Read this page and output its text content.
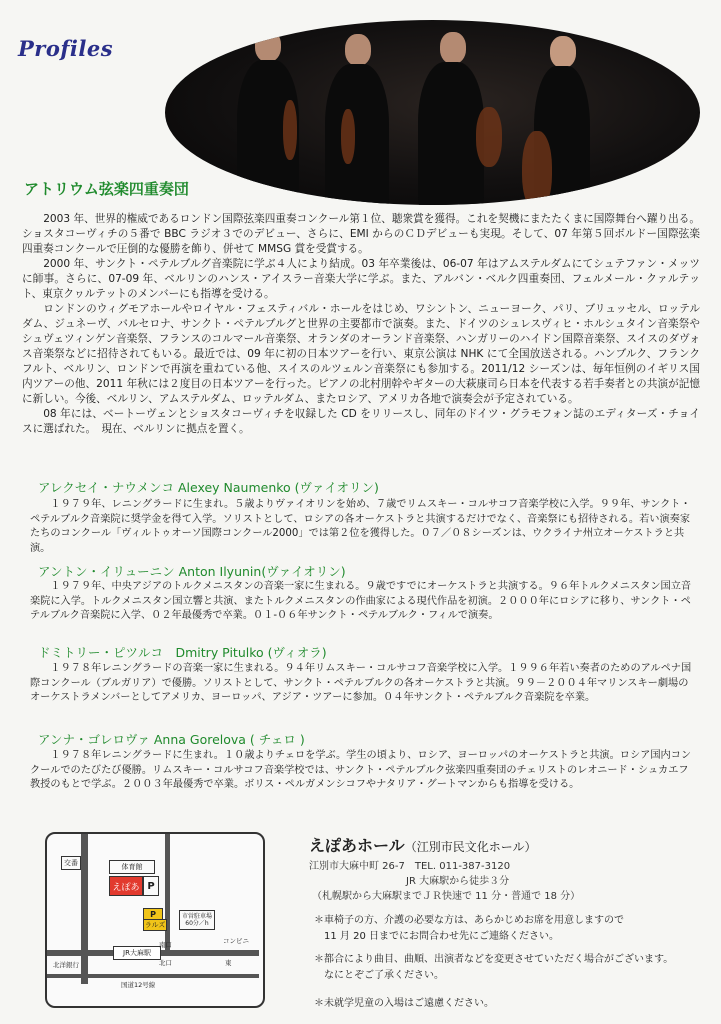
Profiles
アトリウム弦楽四重奏団

2003 年、世界的権威であるロンドン国際弦楽四重奏コンクール第１位、聴衆賞を獲得。これを契機にまたたくまに国際舞台へ躍り出る。ショスタコーヴィチの５番で BBC ラジオ３でのデビュー、さらに、EMI からのＣＤデビューも実現。そして、07 年第５回ボルドー国際弦楽四重奏コンクールで圧倒的な優勝を飾り、併せて MMSG 賞を受賞する。

2000 年、サンクト・ペテルブルグ音楽院に学ぶ４人により結成。03 年卒業後は、06-07 年はアムステルダムにてシュテファン・メッツに師事。さらに、07-09 年、ベルリンのハンス・アイスラー音楽大学に学ぶ。また、アルバン・ベルク四重奏団、フェルメール・クァルテット、東京クヮルテットのメンバーにも指導を受ける。

ロンドンのウィグモアホールやロイヤル・フェスティバル・ホールをはじめ、ワシントン、ニューヨーク、パリ、ブリュッセル、ロッテルダム、ジュネーヴ、バルセロナ、サンクト・ペテルブルグと世界の主要都市で演奏。また、ドイツのシュレスヴィヒ・ホルシュタイン音楽祭やシュヴェツィンゲン音楽祭、フランスのコルマール音楽祭、オランダのオーランド音楽祭、ハンガリーのハイドン国際音楽祭、スイスのダヴォス音楽祭などに招待されてもいる。最近では、09 年に初の日本ツアーを行い、東京公演は NHK にて全国放送される。ハンブルク、フランクフルト、ベルリン、ロンドンで再演を重ねている他、スイスのルツェルン音楽祭にも参加する。2011/12 シーズンは、毎年恒例のイギリス国内ツアーの他、2011 年秋には２度目の日本ツアーを行った。ピアノの北村朋幹やギターの大萩康司ら日本を代表する若手奏者との共演が記憶に新しい。今後、ベルリン、アムステルダム、ロッテルダム、またロシア、アメリカ各地で演奏会が予定されている。

08 年には、ベートーヴェンとショスタコーヴィチを収録した CD をリリースし、同年のドイツ・グラモフォン誌のエディターズ・チョイスに選ばれた。　現在、ベルリンに拠点を置く。

アレクセイ・ナウメンコ Alexey Naumenko (ヴァイオリン)

１９７９年、レニングラードに生まれ。５歳よりヴァイオリンを始め、７歳でリムスキー・コルサコフ音楽学校に入学。９９年、サンクト・ペテルブルク音楽院に奨学金を得て入学。ソリストとして、ロシアの各オーケストラと共演するだけでなく、音楽祭にも招待される。若い演奏家たちのコンクール「ヴィルトゥオーソ国際コンクール2000」では第２位を獲得した。０７／０８シーズンは、ウクライナ州立オーケストラと共演。

アントン・イリューニン Anton Ilyunin(ヴァイオリン)

１９７９年、中央アジアのトルクメニスタンの音楽一家に生まれる。９歳ですでにオーケストラと共演する。９６年トルクメニスタン国立音楽院に入学。トルクメニスタン国立響と共演、またトルクメニスタンの作曲家による現代作品を初演。２０００年にロシアに移り、サンクト・ペテルブルク音楽院に入学、０２年最優秀で卒業。０１-０６年サンクト・ペテルブルク・フィルで演奏。

ドミトリー・ピツルコ　Dmitry Pitulko (ヴィオラ)

１９７８年レニングラードの音楽一家に生まれる。９４年リムスキー・コルサコフ音楽学校に入学。１９９６年若い奏者のためのアルペナ国際コンクール（ブルガリア）で優勝。ソリストとして、サンクト・ペテルブルクの各オーケストラと共演。９９－２００４年マリンスキー劇場のオーケストラメンバーとしてアメリカ、ヨーロッパ、アジア・ツアーに参加。０４年サンクト・ペテルブルク音楽院を卒業。

アンナ・ゴレロヴァ Anna Gorelova ( チェロ )

１９７８年レニングラードに生まれ。１０歳よりチェロを学ぶ。学生の頃より、ロシア、ヨーロッパのオーケストラと共演。ロシア国内コンクールでのたびたび優勝。リムスキー・コルサコフ音楽学校では、サンクト・ペテルブルク弦楽四重奏団のチェリストのレオニード・シュカエフ教授のもとで学ぶ。２００３年最優秀で卒業。ボリス・ペルガメンシコフやナタリア・グートマンからも指導を受ける。

交番	体育館
えぽあ P
P
ラルズ
市営駐車場
60分／h
JR大麻駅
南口
北口
国道12号線
北洋銀行
コンビニ
東
えぽあホール（江別市民文化ホール）
江別市大麻中町 26-7　TEL. 011-387-3120
JR 大麻駅から徒歩３分
（札幌駅から大麻駅までＪＲ快速で 11 分・普通で 18 分）
＊車椅子の方、介護の必要な方は、あらかじめお席を用意しますので
　11 月 20 日までにお問合わせ先にご連絡ください。
＊都合により曲目、曲順、出演者などを変更させていただく場合がございます。
　なにとぞご了承ください。
＊未就学児童の入場はご遠慮ください。
